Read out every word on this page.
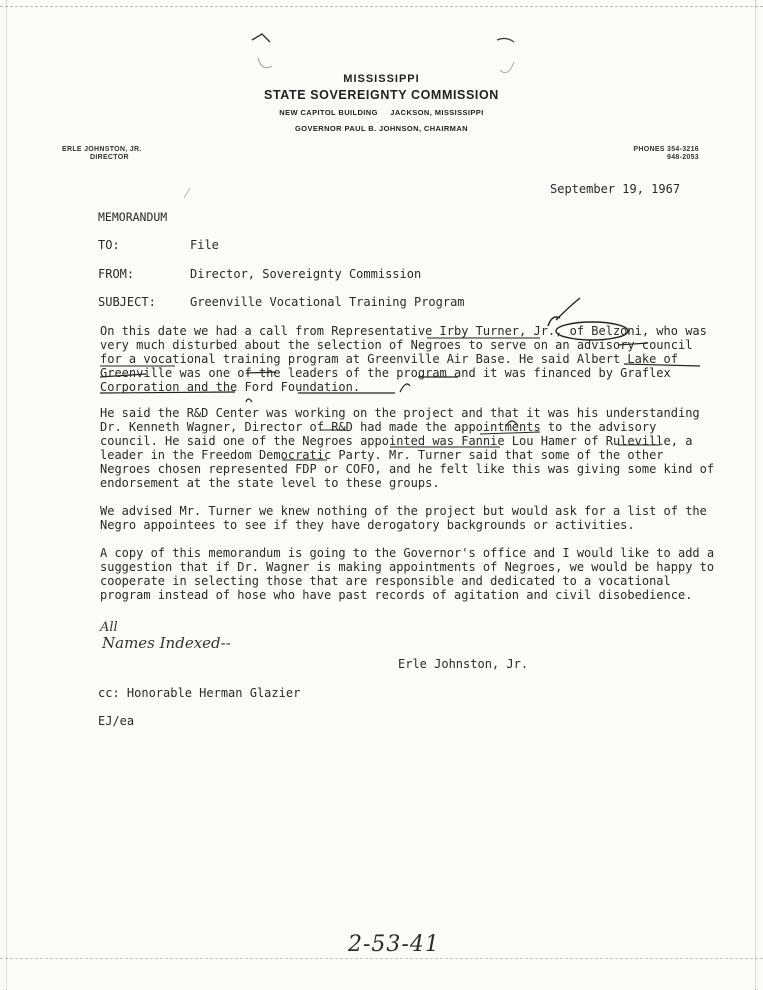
MISSISSIPPI
STATE SOVEREIGNTY COMMISSION
NEW CAPITOL BUILDING     JACKSON, MISSISSIPPI
GOVERNOR PAUL B. JOHNSON, CHAIRMAN
ERLE JOHNSTON, JR.
DIRECTOR
PHONES 354-3216
948-2053
September 19, 1967
MEMORANDUM
TO:	File
FROM:	Director, Sovereignty Commission
SUBJECT:	Greenville Vocational Training Program
On this date we had a call from Representative Irby Turner, Jr., of Belzoni, who was very much disturbed about the selection of Negroes to serve on an advisory council for a vocational training program at Greenville Air Base. He said Albert Lake of Greenville was one of the leaders of the program and it was financed by Graflex Corporation and the Ford Foundation.
He said the R&D Center was working on the project and that it was his understanding Dr. Kenneth Wagner, Director of R&D had made the appointments to the advisory council. He said one of the Negroes appointed was Fannie Lou Hamer of Ruleville, a leader in the Freedom Democratic Party. Mr. Turner said that some of the other Negroes chosen represented FDP or COFO, and he felt like this was giving some kind of endorsement at the state level to these groups.
We advised Mr. Turner we knew nothing of the project but would ask for a list of the Negro appointees to see if they have derogatory backgrounds or activities.
A copy of this memorandum is going to the Governor's office and I would like to add a suggestion that if Dr. Wagner is making appointments of Negroes, we would be happy to cooperate in selecting those that are responsible and dedicated to a vocational program instead of hose who have past records of agitation and civil disobedience.
All
Names Indexed--
Erle Johnston, Jr.
cc: Honorable Herman Glazier
EJ/ea
2-53-41
